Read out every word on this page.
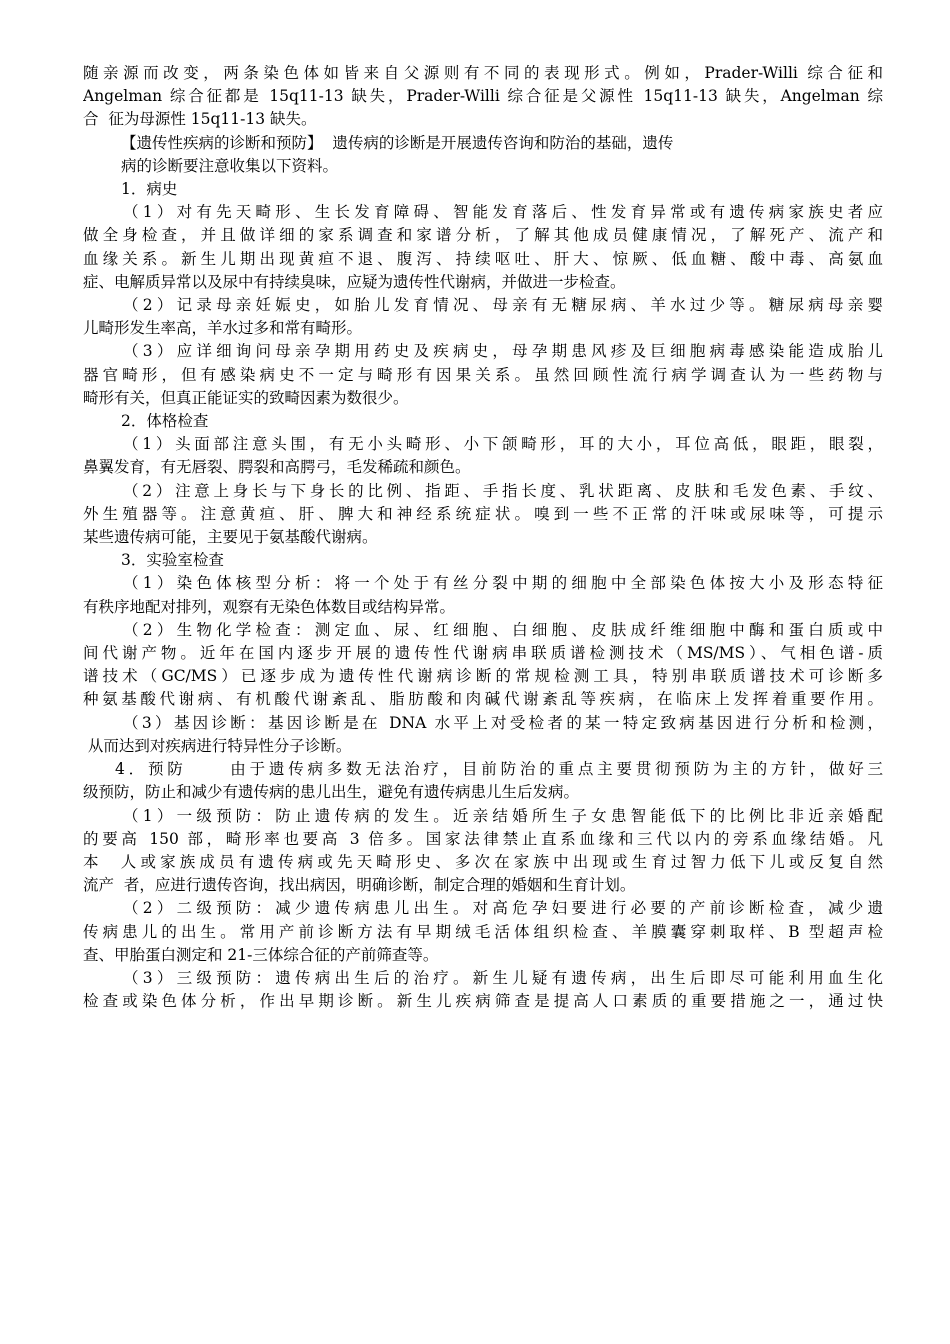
随亲源而改变，两条染色体如皆来自父源则有不同的表现形式。例如，Prader-Willi 综合征和
Angelman 综合征都是 15q11-13 缺失，Prader-Willi 综合征是父源性 15q11-13 缺失，Angelman 综
合  征为母源性 15q11-13 缺失。
【遗传性疾病的诊断和预防】  遗传病的诊断是开展遗传咨询和防治的基础，遗传
病的诊断要注意收集以下资料。
1．病史
（1）对有先天畸形、生长发育障碍、智能发育落后、性发育异常或有遗传病家族史者应
做全身检查，并且做详细的家系调查和家谱分析，了解其他成员健康情况，了解死产、流产和
血缘关系。新生儿期出现黄疸不退、腹泻、持续呕吐、肝大、惊厥、低血糖、酸中毒、高氨血
症、电解质异常以及尿中有持续臭味，应疑为遗传性代谢病，并做进一步检查。
（2）记录母亲妊娠史，如胎儿发育情况、母亲有无糖尿病、羊水过少等。糖尿病母亲婴
儿畸形发生率高，羊水过多和常有畸形。
（3）应详细询问母亲孕期用药史及疾病史，母孕期患风疹及巨细胞病毒感染能造成胎儿
器官畸形，但有感染病史不一定与畸形有因果关系。虽然回顾性流行病学调查认为一些药物与
畸形有关，但真正能证实的致畸因素为数很少。
2．体格检查
（1）头面部注意头围，有无小头畸形、小下颌畸形，耳的大小，耳位高低，眼距，眼裂，
鼻翼发育，有无唇裂、腭裂和高腭弓，毛发稀疏和颜色。
（2）注意上身长与下身长的比例、指距、手指长度、乳状距离、皮肤和毛发色素、手纹、
外生殖器等。注意黄疸、肝、脾大和神经系统症状。嗅到一些不正常的汗味或尿味等，可提示
某些遗传病可能，主要见于氨基酸代谢病。
3．实验室检查
（1）染色体核型分析：将一个处于有丝分裂中期的细胞中全部染色体按大小及形态特征
有秩序地配对排列，观察有无染色体数目或结构异常。
（2）生物化学检查：测定血、尿、红细胞、白细胞、皮肤成纤维细胞中酶和蛋白质或中
间代谢产物。近年在国内逐步开展的遗传性代谢病串联质谱检测技术（MS/MS）、气相色谱-质
谱技术（GC/MS）已逐步成为遗传性代谢病诊断的常规检测工具，特别串联质谱技术可诊断多
种氨基酸代谢病、有机酸代谢紊乱、脂肪酸和肉碱代谢紊乱等疾病，在临床上发挥着重要作用。
（3）基因诊断：基因诊断是在 DNA 水平上对受检者的某一特定致病基因进行分析和检测，
从而达到对疾病进行特异性分子诊断。
4．预防     由于遗传病多数无法治疗，目前防治的重点主要贯彻预防为主的方针，做好三
级预防，防止和减少有遗传病的患儿出生，避免有遗传病患儿生后发病。
（1）一级预防：防止遗传病的发生。近亲结婚所生子女患智能低下的比例比非近亲婚配
的要高 150 部，畸形率也要高 3 倍多。国家法律禁止直系血缘和三代以内的旁系血缘结婚。凡
本  人或家族成员有遗传病或先天畸形史、多次在家族中出现或生育过智力低下儿或反复自然
流产  者，应进行遗传咨询，找出病因，明确诊断，制定合理的婚姻和生育计划。
（2）二级预防：减少遗传病患儿出生。对高危孕妇要进行必要的产前诊断检查，减少遗
传病患儿的出生。常用产前诊断方法有早期绒毛活体组织检查、羊膜囊穿刺取样、B 型超声检
查、甲胎蛋白测定和 21-三体综合征的产前筛查等。
（3）三级预防：遗传病出生后的治疗。新生儿疑有遗传病，出生后即尽可能利用血生化
检查或染色体分析，作出早期诊断。新生儿疾病筛查是提高人口素质的重要措施之一，通过快
